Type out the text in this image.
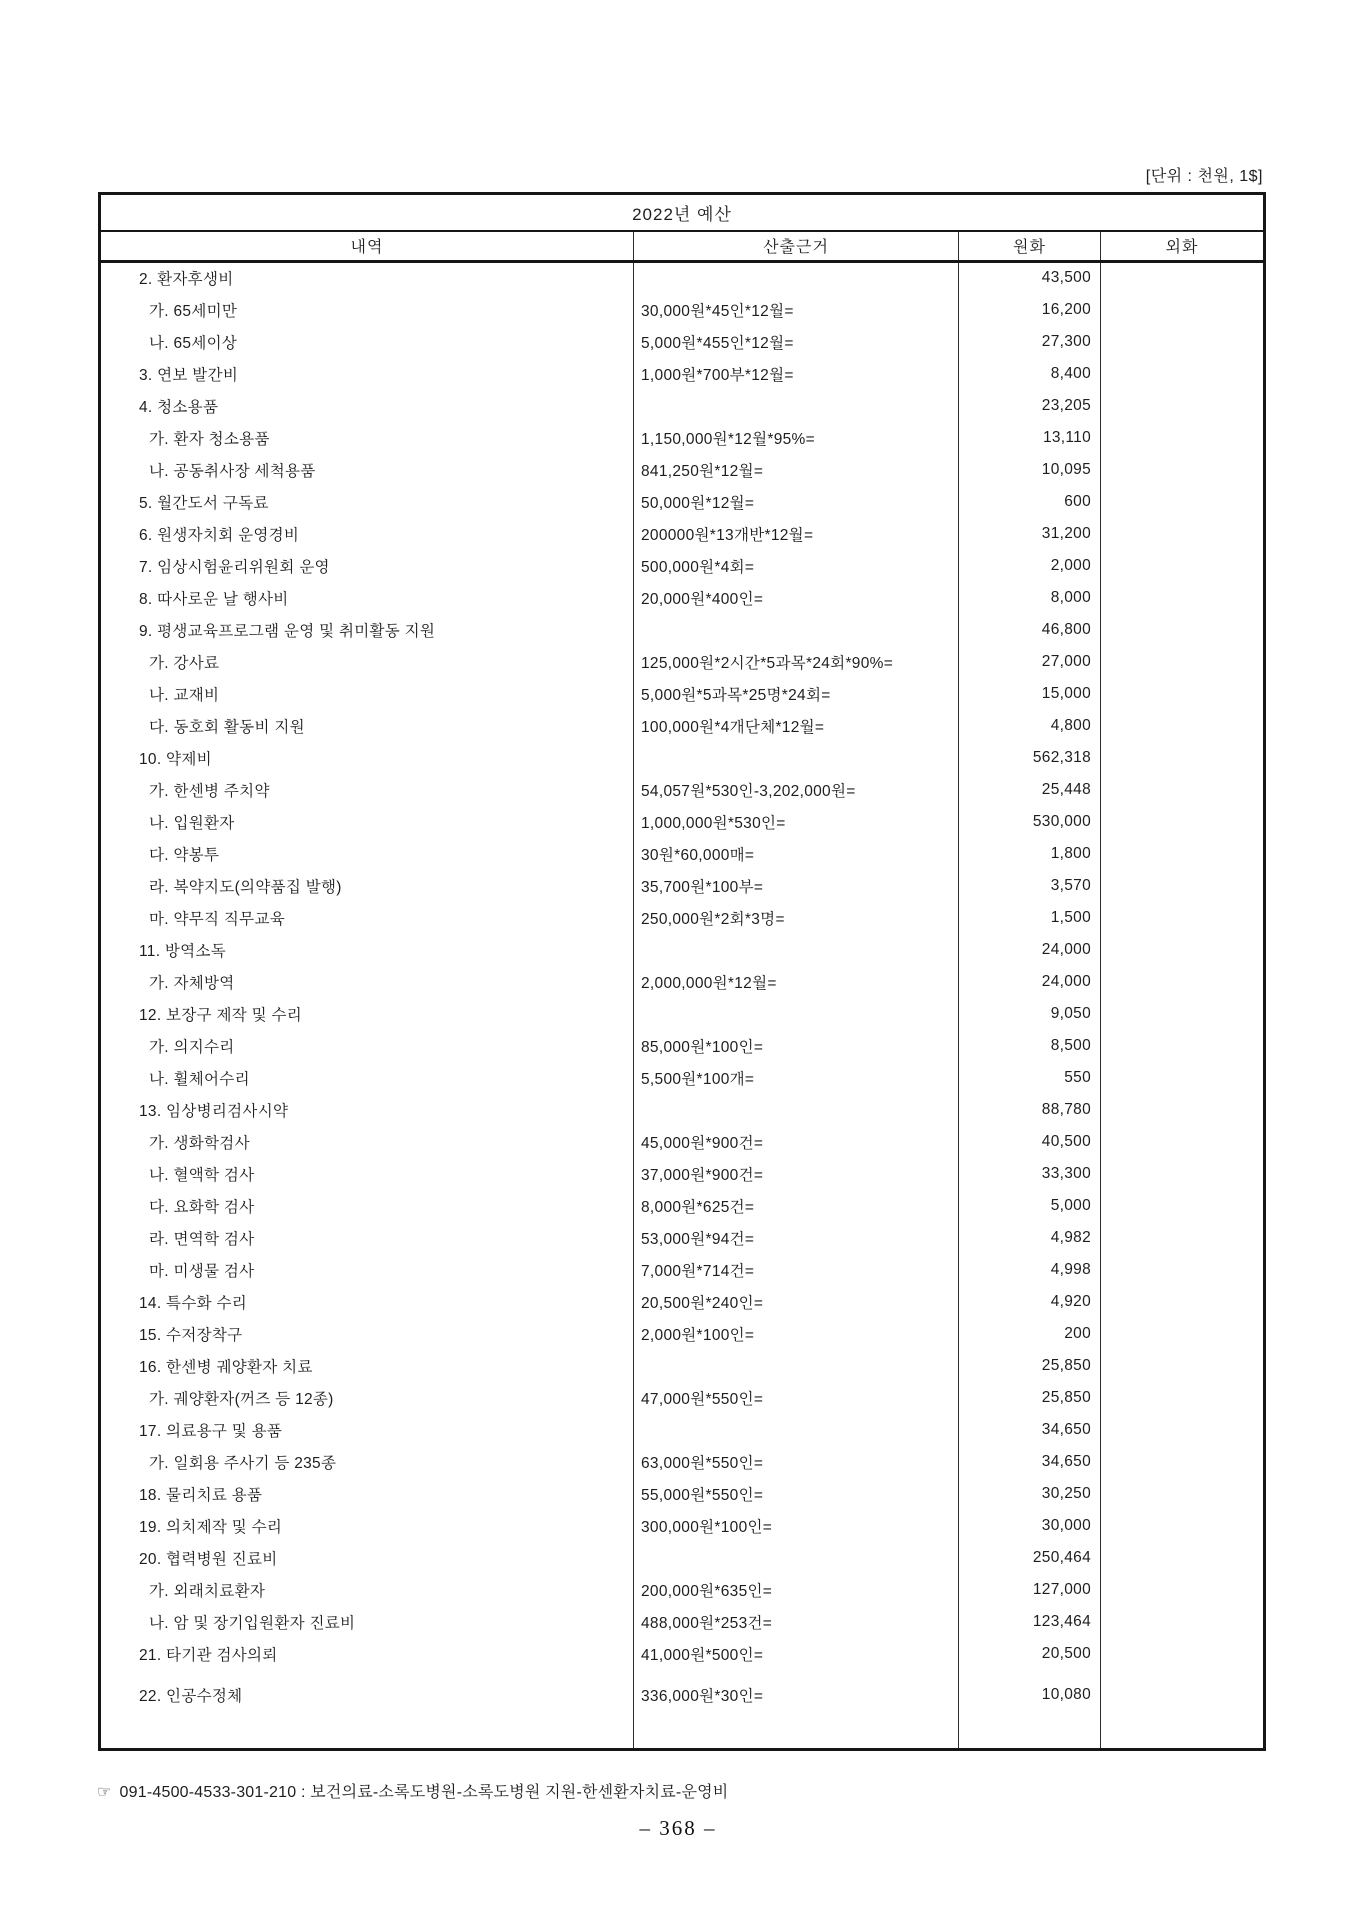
[단위 : 천원, 1$]
2022년 예산			
내역	산출근거	원화	외화
2. 환자후생비		43,500	
가. 65세미만	30,000원*45인*12월=	16,200	
나. 65세이상	5,000원*455인*12월=	27,300	
3. 연보 발간비	1,000원*700부*12월=	8,400	
4. 청소용품		23,205	
가. 환자 청소용품	1,150,000원*12월*95%=	13,110	
나. 공동취사장 세척용품	841,250원*12월=	10,095	
5. 월간도서 구독료	50,000원*12월=	600	
6. 원생자치회 운영경비	200000원*13개반*12월=	31,200	
7. 임상시험윤리위원회 운영	500,000원*4회=	2,000	
8. 따사로운 날 행사비	20,000원*400인=	8,000	
9. 평생교육프로그램 운영 및 취미활동 지원		46,800	
가. 강사료	125,000원*2시간*5과목*24회*90%=	27,000	
나. 교재비	5,000원*5과목*25명*24회=	15,000	
다. 동호회 활동비 지원	100,000원*4개단체*12월=	4,800	
10. 약제비		562,318	
가. 한센병 주치약	54,057원*530인-3,202,000원=	25,448	
나. 입원환자	1,000,000원*530인=	530,000	
다. 약봉투	30원*60,000매=	1,800	
라. 복약지도(의약품집 발행)	35,700원*100부=	3,570	
마. 약무직 직무교육	250,000원*2회*3명=	1,500	
11. 방역소독		24,000	
가. 자체방역	2,000,000원*12월=	24,000	
12. 보장구 제작 및 수리		9,050	
가. 의지수리	85,000원*100인=	8,500	
나. 휠체어수리	5,500원*100개=	550	
13. 임상병리검사시약		88,780	
가. 생화학검사	45,000원*900건=	40,500	
나. 혈액학 검사	37,000원*900건=	33,300	
다. 요화학 검사	8,000원*625건=	5,000	
라. 면역학 검사	53,000원*94건=	4,982	
마. 미생물 검사	7,000원*714건=	4,998	
14. 특수화 수리	20,500원*240인=	4,920	
15. 수저장착구	2,000원*100인=	200	
16. 한센병 궤양환자 치료		25,850	
가. 궤양환자(꺼즈 등 12종)	47,000원*550인=	25,850	
17. 의료용구 및 용품		34,650	
가. 일회용 주사기 등 235종	63,000원*550인=	34,650	
18. 물리치료 용품	55,000원*550인=	30,250	
19. 의치제작 및 수리	300,000원*100인=	30,000	
20. 협력병원 진료비		250,464	
가. 외래치료환자	200,000원*635인=	127,000	
나. 암 및 장기입원환자 진료비	488,000원*253건=	123,464	
21. 타기관 검사의뢰	41,000원*500인=	20,500	
22. 인공수정체	336,000원*30인=	10,080	
☞ 091-4500-4533-301-210 : 보건의료-소록도병원-소록도병원 지원-한센환자치료-운영비
– 368 –
